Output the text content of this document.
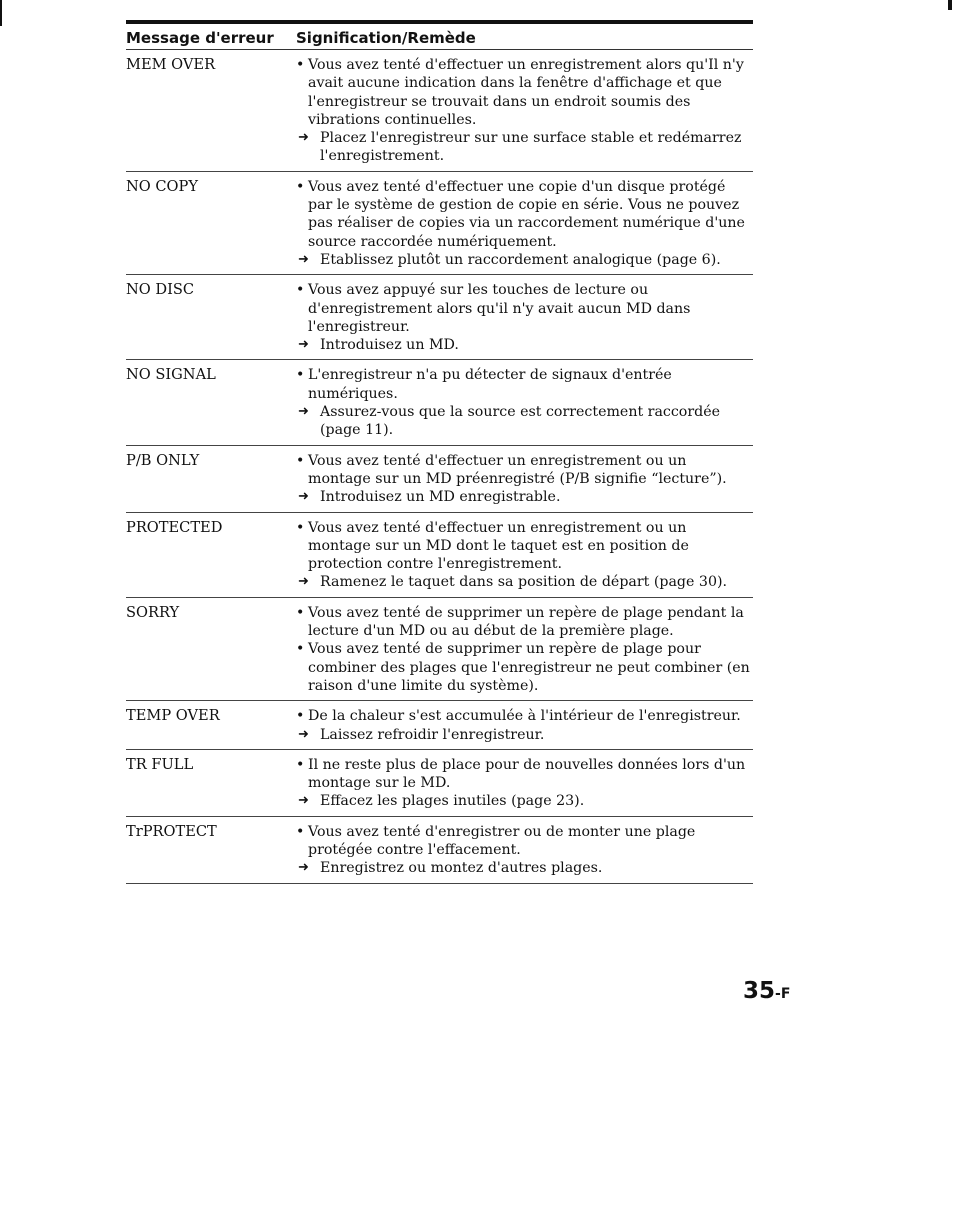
Message d'erreur	Signification/Remède
MEM OVER	• Vous avez tenté d'effectuer un enregistrement alors qu'Il n'y avait aucune indication dans la fenêtre d'affichage et que l'enregistreur se trouvait dans un endroit soumis des vibrations continuelles.
➜ Placez l'enregistreur sur une surface stable et redémarrez l'enregistrement.
NO COPY	• Vous avez tenté d'effectuer une copie d'un disque protégé par le système de gestion de copie en série. Vous ne pouvez pas réaliser de copies via un raccordement numérique d'une source raccordée numériquement.
➜ Etablissez plutôt un raccordement analogique (page 6).
NO DISC	• Vous avez appuyé sur les touches de lecture ou d'enregistrement alors qu'il n'y avait aucun MD dans l'enregistreur.
➜ Introduisez un MD.
NO SIGNAL	• L'enregistreur n'a pu détecter de signaux d'entrée numériques.
➜ Assurez-vous que la source est correctement raccordée (page 11).
P/B ONLY	• Vous avez tenté d'effectuer un enregistrement ou un montage sur un MD préenregistré (P/B signifie “lecture”).
➜ Introduisez un MD enregistrable.
PROTECTED	• Vous avez tenté d'effectuer un enregistrement ou un montage sur un MD dont le taquet est en position de protection contre l'enregistrement.
➜ Ramenez le taquet dans sa position de départ (page 30).
SORRY	• Vous avez tenté de supprimer un repère de plage pendant la lecture d'un MD ou au début de la première plage.
• Vous avez tenté de supprimer un repère de plage pour combiner des plages que l'enregistreur ne peut combiner (en raison d'une limite du système).
TEMP OVER	• De la chaleur s'est accumulée à l'intérieur de l'enregistreur.
➜ Laissez refroidir l'enregistreur.
TR FULL	• Il ne reste plus de place pour de nouvelles données lors d'un montage sur le MD.
➜ Effacez les plages inutiles (page 23).
TrPROTECT	• Vous avez tenté d'enregistrer ou de monter une plage protégée contre l'effacement.
➜ Enregistrez ou montez d'autres plages.
35-F
